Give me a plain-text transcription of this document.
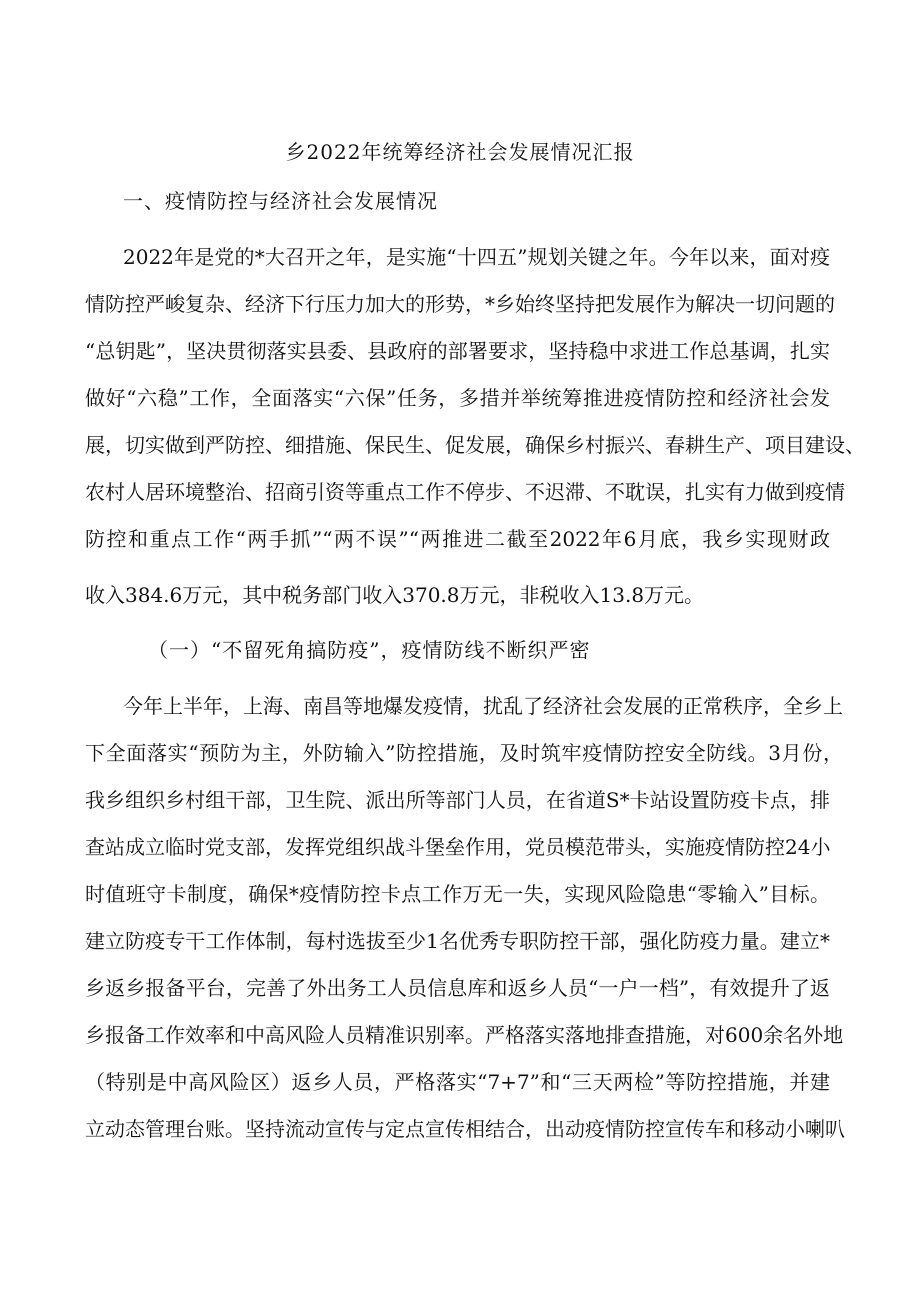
乡2022年统筹经济社会发展情况汇报
一、疫情防控与经济社会发展情况
2022年是党的*大召开之年，是实施“十四五”规划关键之年。今年以来，面对疫
情防控严峻复杂、经济下行压力加大的形势，*乡始终坚持把发展作为解决一切问题的
“总钥匙”，坚决贯彻落实县委、县政府的部署要求，坚持稳中求进工作总基调，扎实
做好“六稳”工作，全面落实“六保”任务，多措并举统筹推进疫情防控和经济社会发
展，切实做到严防控、细措施、保民生、促发展，确保乡村振兴、春耕生产、项目建设、
农村人居环境整治、招商引资等重点工作不停步、不迟滞、不耽误，扎实有力做到疫情
防控和重点工作“两手抓”“两不误”“两推进二截至2022年6月底，我乡实现财政
收入384.6万元，其中税务部门收入370.8万元，非税收入13.8万元。
（一）“不留死角搞防疫”，疫情防线不断织严密
今年上半年，上海、南昌等地爆发疫情，扰乱了经济社会发展的正常秩序，全乡上
下全面落实“预防为主，外防输入”防控措施，及时筑牢疫情防控安全防线。3月份，
我乡组织乡村组干部，卫生院、派出所等部门人员，在省道S*卡站设置防疫卡点，排
查站成立临时党支部，发挥党组织战斗堡垒作用，党员模范带头，实施疫情防控24小
时值班守卡制度，确保*疫情防控卡点工作万无一失，实现风险隐患“零输入”目标。
建立防疫专干工作体制，每村选拔至少1名优秀专职防控干部，强化防疫力量。建立*
乡返乡报备平台，完善了外出务工人员信息库和返乡人员“一户一档”，有效提升了返
乡报备工作效率和中高风险人员精准识别率。严格落实落地排查措施，对600余名外地
（特别是中高风险区）返乡人员，严格落实“7+7”和“三天两检”等防控措施，并建
立动态管理台账。坚持流动宣传与定点宣传相结合，出动疫情防控宣传车和移动小喇叭
